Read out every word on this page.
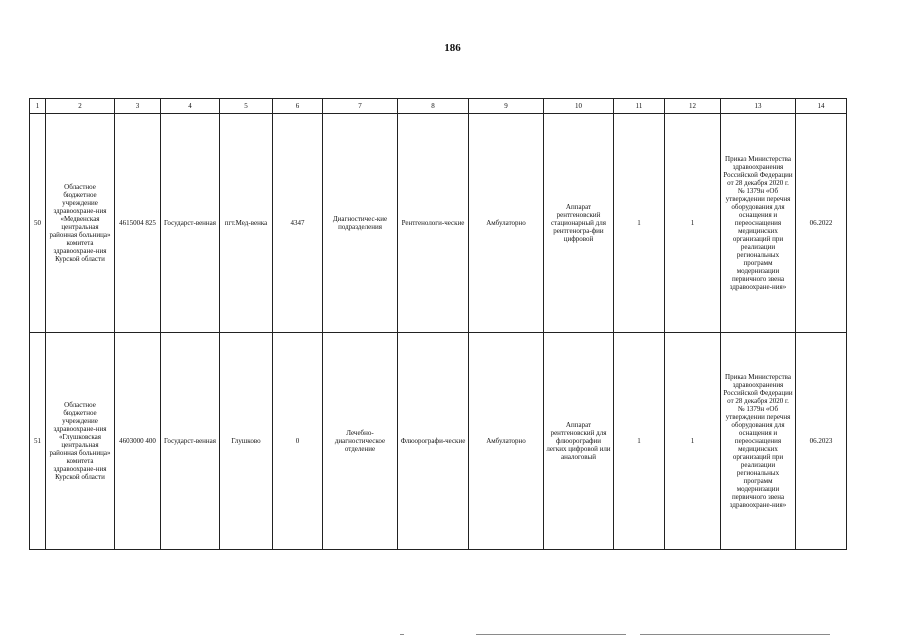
186
1	2	3	4	5	6	7	8	9	10	11	12	13	14
50	Областное бюджетное учреждение здравоохране-ния «Медвенская центральная районная больница» комитета здравоохране-ния Курской области	4615004 825	Государст-венная	пгт.Мед-венка	4347	Диагностичес-кие подразделения	Рентгенологи-ческие	Амбулаторно	Аппарат рентгеновский стационарный для рентгеногра-фии цифровой	1	1	Приказ Министерства здравоохранения Российской Федерации от 28 декабря 2020 г. № 1379н «Об утверждении перечня оборудования для оснащения и переоснащения медицинских организаций при реализации региональных программ модернизации первичного звена здравоохране-ния»	06.2022
51	Областное бюджетное учреждение здравоохране-ния «Глушковская центральная районная больница» комитета здравоохране-ния Курской области	4603000 400	Государст-венная	Глушково	0	Лечебно-диагностическое отделение	Флюорографи-ческие	Амбулаторно	Аппарат рентгеновский для флюорографии легких цифровой или аналоговый	1	1	Приказ Министерства здравоохранения Российской Федерации от 28 декабря 2020 г. № 1379н «Об утверждении перечня оборудования для оснащения и переоснащения медицинских организаций при реализации региональных программ модернизации первичного звена здравоохране-ния»	06.2023
